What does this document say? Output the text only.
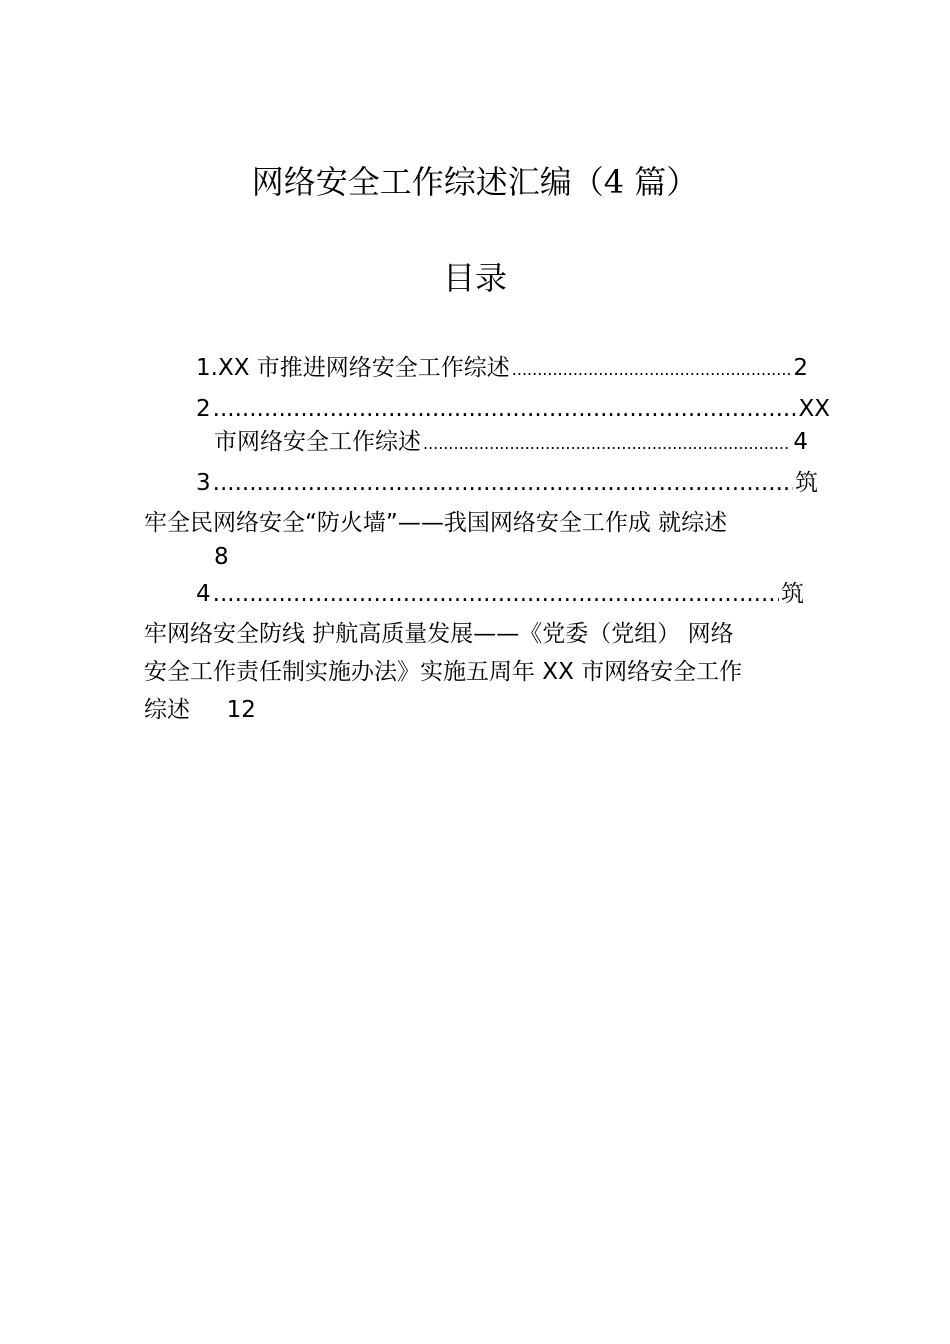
网络安全工作综述汇编（4 篇）
目录
1.XX 市推进网络安全工作综述 .....	2
2 .....	XX
市网络安全工作综述 .....	4
3 .....	筑
牢全民网络安全“防火墙”——我国网络安全工作成 就综述
8
4 .....	筑
牢网络安全防线 护航高质量发展——《党委（党组） 网络
安全工作责任制实施办法》实施五周年 XX 市网络安全工作
综述 12
